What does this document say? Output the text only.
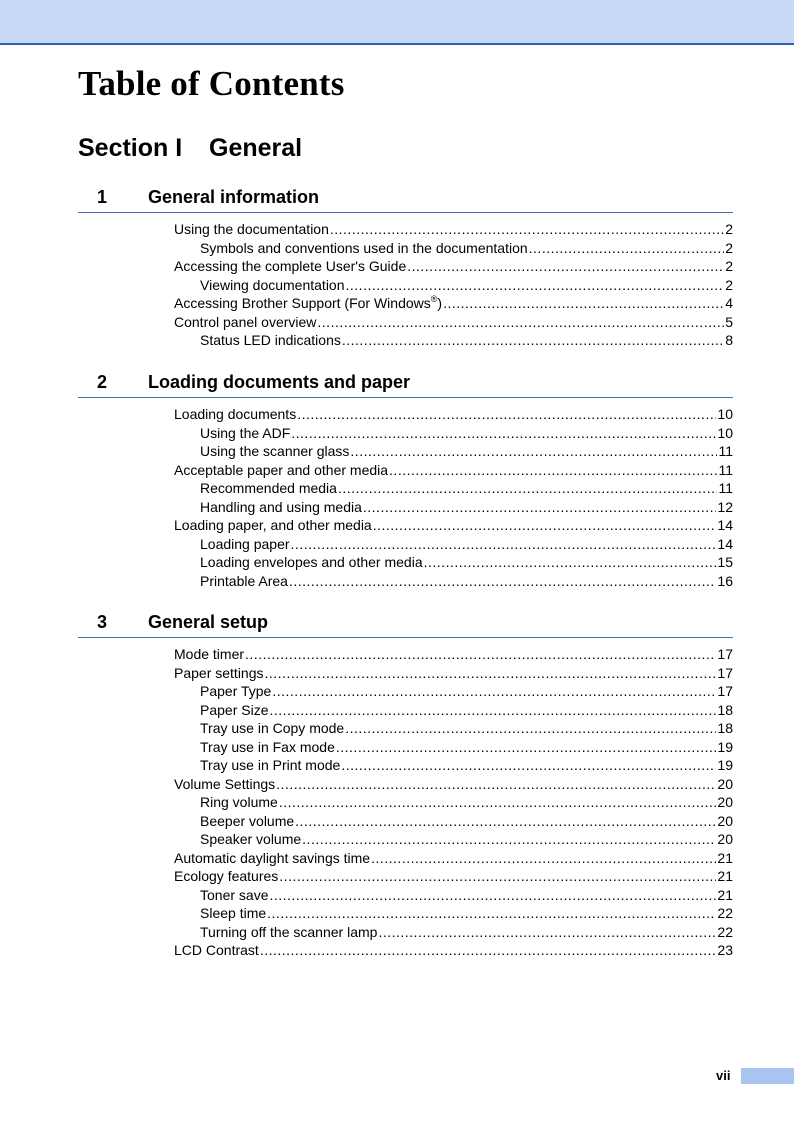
Table of Contents
Section I General
1 General information
Using the documentation .....	2
Symbols and conventions used in the documentation .....	2
Accessing the complete User's Guide .....	2
Viewing documentation .....	2
Accessing Brother Support (For Windows®) .....	4
Control panel overview .....	5
Status LED indications .....	8
2 Loading documents and paper
Loading documents .....	10
Using the ADF .....	10
Using the scanner glass .....	11
Acceptable paper and other media .....	11
Recommended media .....	11
Handling and using media .....	12
Loading paper, and other media .....	14
Loading paper .....	14
Loading envelopes and other media .....	15
Printable Area .....	16
3 General setup
Mode timer .....	17
Paper settings .....	17
Paper Type .....	17
Paper Size .....	18
Tray use in Copy mode .....	18
Tray use in Fax mode .....	19
Tray use in Print mode .....	19
Volume Settings .....	20
Ring volume .....	20
Beeper volume .....	20
Speaker volume .....	20
Automatic daylight savings time .....	21
Ecology features .....	21
Toner save .....	21
Sleep time .....	22
Turning off the scanner lamp .....	22
LCD Contrast .....	23
vii
